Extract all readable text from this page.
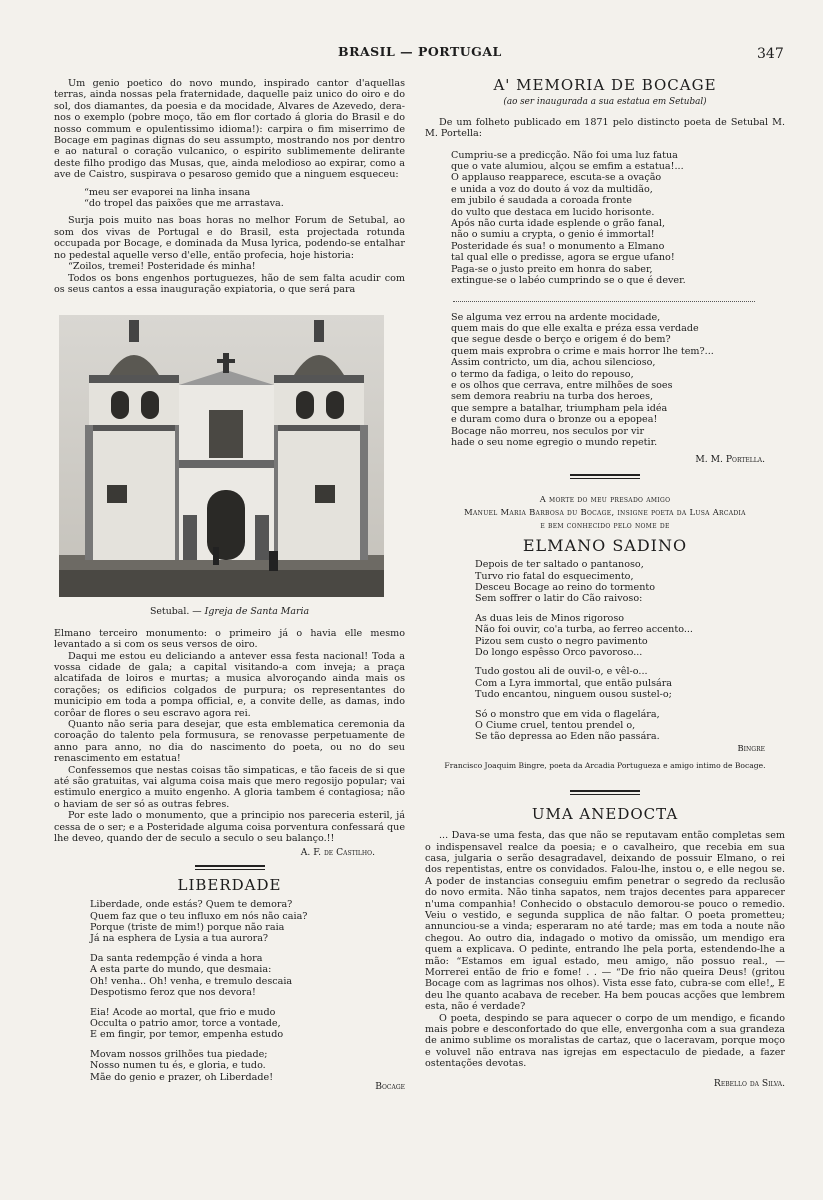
BRASIL — PORTUGAL	347

Um genio poetico do novo mundo, inspirado cantor d'aquellas terras, ainda nossas pela fraternidade, daquelle paiz unico do oiro e do sol, dos diamantes, da poesia e da mocidade, Alvares de Azevedo, dera-nos o exemplo (pobre moço, tão em flor cortado á gloria do Brasil e do nosso commum e opulentissimo idioma!): carpira o fim miserrimo de Bocage em paginas dignas do seu assumpto, mostrando nos por dentro e ao natural o coração vulcanico, o espirito sublimemente delirante deste filho prodigo das Musas, que, ainda melodioso ao expirar, como a ave de Caistro, suspirava o pesaroso gemido que a ninguem esqueceu:

“meu ser evaporei na linha insana
“do tropel das paixões que me arrastava.

Surja pois muito nas boas horas no melhor Forum de Setubal, ao som dos vivas de Portugal e do Brasil, esta projectada rotunda occupada por Bocage, e dominada da Musa lyrica, podendo-se entalhar no pedestal aquelle verso d'elle, então profecia, hoje historia:

“Zoilos, tremei! Posteridade és minha!

Todos os bons engenhos portuguezes, hão de sem falta acudir com os seus cantos a essa inauguração expiatoria, o que será para

Setubal. — Igreja de Santa Maria

Elmano terceiro monumento: o primeiro já o havia elle mesmo levantado a si com os seus versos de oiro.

Daqui me estou eu deliciando a antever essa festa nacional! Toda a vossa cidade de gala; a capital visitando-a com inveja; a praça alcatifada de loiros e murtas; a musica alvoroçando ainda mais os corações; os edificios colgados de purpura; os representantes do municipio em toda a pompa official, e, a convite delle, as damas, indo corôar de flores o seu escravo agora rei.

Quanto não seria para desejar, que esta emblematica ceremonia da coroação do talento pela formusura, se renovasse perpetuamente de anno para anno, no dia do nascimento do poeta, ou no do seu renascimento em estatua!

Confessemos que nestas coisas tão simpaticas, e tão faceis de si que até são gratuitas, vai alguma coisa mais que mero regosijo popular; vai estimulo energico a muito engenho. A gloria tambem é contagiosa; não o haviam de ser só as outras febres.

Por este lado o monumento, que a principio nos pareceria esteril, já cessa de o ser; e a Posteridade alguma coisa porventura confessará que lhe deveo, quando der de seculo a seculo o seu balanço.!!

A. F. de Castilho.
LIBERDADE
Liberdade, onde estás? Quem te demora?
Quem faz que o teu influxo em nós não caia?
Porque (triste de mim!) porque não raia
Já na esphera de Lysia a tua aurora?
Da santa redempção é vinda a hora
A esta parte do mundo, que desmaia:
Oh! venha.. Oh! venha, e tremulo descaia
Despotismo feroz que nos devora!
Eia! Acode ao mortal, que frio e mudo
Occulta o patrio amor, torce a vontade,
E em fingir, por temor, empenha estudo
Movam nossos grilhões tua piedade;
Nosso numen tu és, e gloria, e tudo.
Mãe do genio e prazer, oh Liberdade!
Bocage
A' MEMORIA DE BOCAGE
(ao ser inaugurada a sua estatua em Setubal)

De um folheto publicado em 1871 pelo distincto poeta de Setubal M. M. Portella:

Cumpriu-se a predicção. Não foi uma luz fatua
que o vate alumiou, alçou se emfim a estatua!...
O applauso reapparece, escuta-se a ovação
e unida a voz do douto á voz da multidão,
em jubilo é saudada a coroada fronte
do vulto que destaca em lucido horisonte.
Após não curta idade esplende o grão fanal,
não o sumiu a crypta, o genio é immortal!
Posteridade és sua! o monumento a Elmano
tal qual elle o predisse, agora se ergue ufano!
Paga-se o justo preito em honra do saber,
extingue-se o labéo cumprindo se o que é dever.
Se alguma vez errou na ardente mocidade,
quem mais do que elle exalta e préza essa verdade
que segue desde o berço e origem é do bem?
quem mais exprobra o crime e mais horror lhe tem?...
Assim contricto, um dia, achou silencioso,
o termo da fadiga, o leito do repouso,
e os olhos que cerrava, entre milhões de soes
sem demora reabriu na turba dos heroes,
que sempre a batalhar, triumpham pela idéa
e duram como dura o bronze ou a epopea!
Bocage não morreu, nos seculos por vir
hade o seu nome egregio o mundo repetir.
M. M. Portella.
A morte do meu presado amigo
Manuel Maria Barbosa du Bocage, insigne poeta da Lusa Arcadia
e bem conhecido pelo nome de
ELMANO SADINO
Depois de ter saltado o pantanoso,
Turvo rio fatal do esquecimento,
Desceu Bocage ao reino do tormento
Sem soffrer o latir do Cão raivoso:
As duas leis de Minos rigoroso
Não foi ouvir, co'a turba, ao ferreo accento...
Pizou sem custo o negro pavimento
Do longo espêsso Orco pavoroso...
Tudo gostou ali de ouvil-o, e vêl-o...
Com a Lyra immortal, que então pulsára
Tudo encantou, ninguem ousou sustel-o;
Só o monstro que em vida o flagelára,
O Ciume cruel, tentou prendel o,
Se tão depressa ao Eden não passára.
Bingre
Francisco Joaquim Bingre, poeta da Arcadia Portugueza e amigo intimo de Bocage.
UMA ANEDOCTA

... Dava-se uma festa, das que não se reputavam então completas sem o indispensavel realce da poesia; e o cavalheiro, que recebia em sua casa, julgaria o serão desagradavel, deixando de possuir Elmano, o rei dos repentistas, entre os convidados. Falou-lhe, instou o, e elle negou se. A poder de instancias conseguiu emfim penetrar o segredo da reclusão do novo ermita. Não tinha sapatos, nem trajos decentes para apparecer n'uma companhia! Conhecido o obstaculo demorou-se pouco o remedio. Veiu o vestido, e segunda supplica de não faltar. O poeta prometteu; annunciou-se a vinda; esperaram no até tarde; mas em toda a noute não chegou. Ao outro dia, indagado o motivo da omissão, um mendigo era quem a explicava. O pedinte, entrando lhe pela porta, estendendo-lhe a mão: “Estamos em igual estado, meu amigo, não possuo real., — Morrerei então de frio e fome! . . — “De frio não queira Deus! (gritou Bocage com as lagrimas nos olhos). Vista esse fato, cubra-se com elle!„ E deu lhe quanto acabava de receber. Ha bem poucas acções que lembrem esta, não é verdade?

O poeta, despindo se para aquecer o corpo de um mendigo, e ficando mais pobre e desconfortado do que elle, envergonha com a sua grandeza de animo sublime os moralistas de cartaz, que o laceravam, porque moço e voluvel não entrava nas igrejas em espectaculo de piedade, a fazer ostentações devotas.

Rebello da Silva.
